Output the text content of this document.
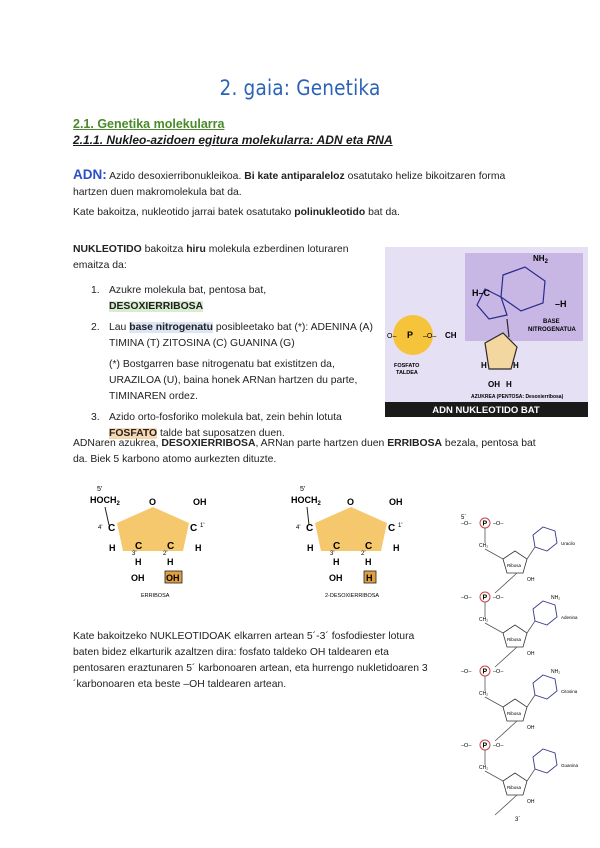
2. gaia: Genetika
2.1. Genetika molekularra
2.1.1. Nukleo-azidoen egitura molekularra: ADN eta RNA
ADN: Azido desoxierribonukleikoa. Bi kate antiparaleloz osatutako helize bikoitzaren forma hartzen duen makromolekula bat da.
Kate bakoitza, nukleotido jarrai batek osatutako polinukleotido bat da.
NUKLEOTIDO bakoitza hiru molekula ezberdinen loturaren emaitza da:
1. Azukre molekula bat, pentosa bat,
DESOXIERRIBOSA
2. Lau base nitrogenatu posibleetako bat (*): ADENINA (A) TIMINA (T) ZITOSINA (C) GUANINA (G)
(*) Bostgarren base nitrogenatu bat existitzen da, URAZILOA (U), baina honek ARNan hartzen du parte, TIMINAREN ordez.
3. Azido orto-fosforiko molekula bat, zein behin lotuta FOSFATO talde bat suposatzen duen.
$NH_2$
H–C
–H
BASE
NITROGENATUA
P
O–	–O– CH
FOSFATO
TALDEA
H	H
OH H
AZUKREA (PENTOSA: Desoxierribosa)
ADN NUKLEOTIDO BAT
ADNaren azukrea, DESOXIERRIBOSA, ARNan parte hartzen duen ERRIBOSA bezala, pentosa bat da. Biek 5 karbono atomo aurkezten dituzte.
5'
$HOCH_2$	O	OH
4' C	C 1'
H	H
3'
C C
2'
H	H
OH OH
ERRIBOSA
5'
$HOCH_2$	O	OH
4' C	C 1'
H	H
3'
C C
2'
H	H
OH	H
2-DESOXIERRIBOSA
Kate bakoitzeko NUKLEOTIDOAK elkarren artean 5´-3´ fosfodiester lotura baten bidez elkarturik azaltzen dira: fosfato taldeko OH taldearen eta pentosaren eraztunaren 5´ karbonoaren artean, eta hurrengo nukletidoaren 3´karbonoaren eta beste –OH taldearen artean.
5´
3´
P
–O–	–O–
CH₂
Ribosa
OH
Uracilo
P
–O–	–O–
CH₂
Ribosa
OH
Adenina
NH₂
P
–O–	–O–
CH₂
Ribosa
OH
Citosina
NH₂
P
–O–	–O–
CH₂
Ribosa
OH
Guanina
